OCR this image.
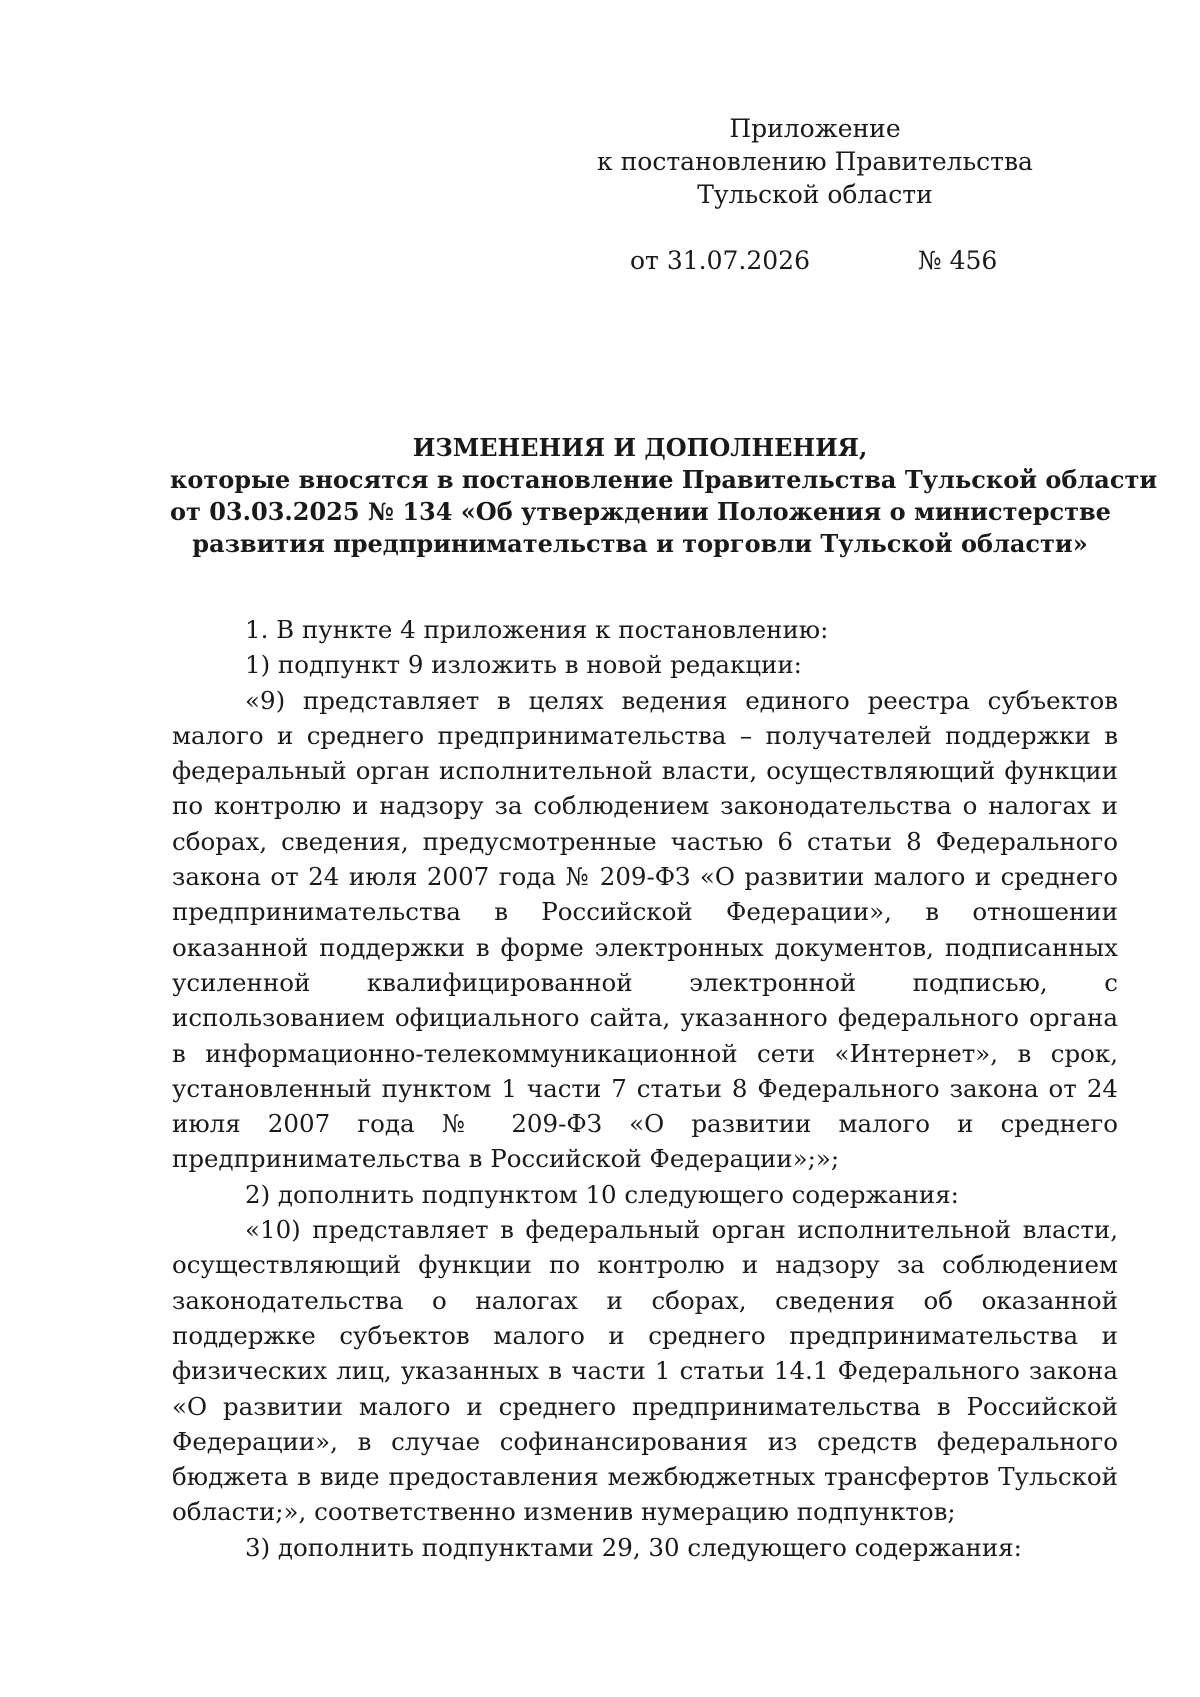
Приложение
к постановлению Правительства
Тульской области
от 31.07.2026	№ 456
ИЗМЕНЕНИЯ И ДОПОЛНЕНИЯ,
которые вносятся в постановление Правительства Тульской области
от 03.03.2025 № 134 «Об утверждении Положения о министерстве
развития предпринимательства и торговли Тульской области»

1. В пункте 4 приложения к постановлению:

1) подпункт 9 изложить в новой редакции:

«9) представляет в целях ведения единого реестра субъектов малого и среднего предпринимательства – получателей поддержки в федеральный орган исполнительной власти, осуществляющий функции по контролю и надзору за соблюдением законодательства о налогах и сборах, сведения, предусмотренные частью 6 статьи 8 Федерального закона от 24 июля 2007 года № 209-ФЗ «О развитии малого и среднего предпринимательства в Российской Федерации», в отношении оказанной поддержки в форме электронных документов, подписанных усиленной квалифицированной электронной подписью, с использованием официального сайта, указанного федерального органа в информационно-телекоммуникационной сети «Интернет», в срок, установленный пунктом 1 части 7 статьи 8 Федерального закона от 24 июля 2007 года № 209-ФЗ «О развитии малого и среднего предпринимательства в Российской Федерации»;»;

2) дополнить подпунктом 10 следующего содержания:

«10) представляет в федеральный орган исполнительной власти, осуществляющий функции по контролю и надзору за соблюдением законодательства о налогах и сборах, сведения об оказанной поддержке субъектов малого и среднего предпринимательства и физических лиц, указанных в части 1 статьи 14.1 Федерального закона «О развитии малого и среднего предпринимательства в Российской Федерации», в случае софинансирования из средств федерального бюджета в виде предоставления межбюджетных трансфертов Тульской области;», соответственно изменив нумерацию подпунктов;

3) дополнить подпунктами 29, 30 следующего содержания:
